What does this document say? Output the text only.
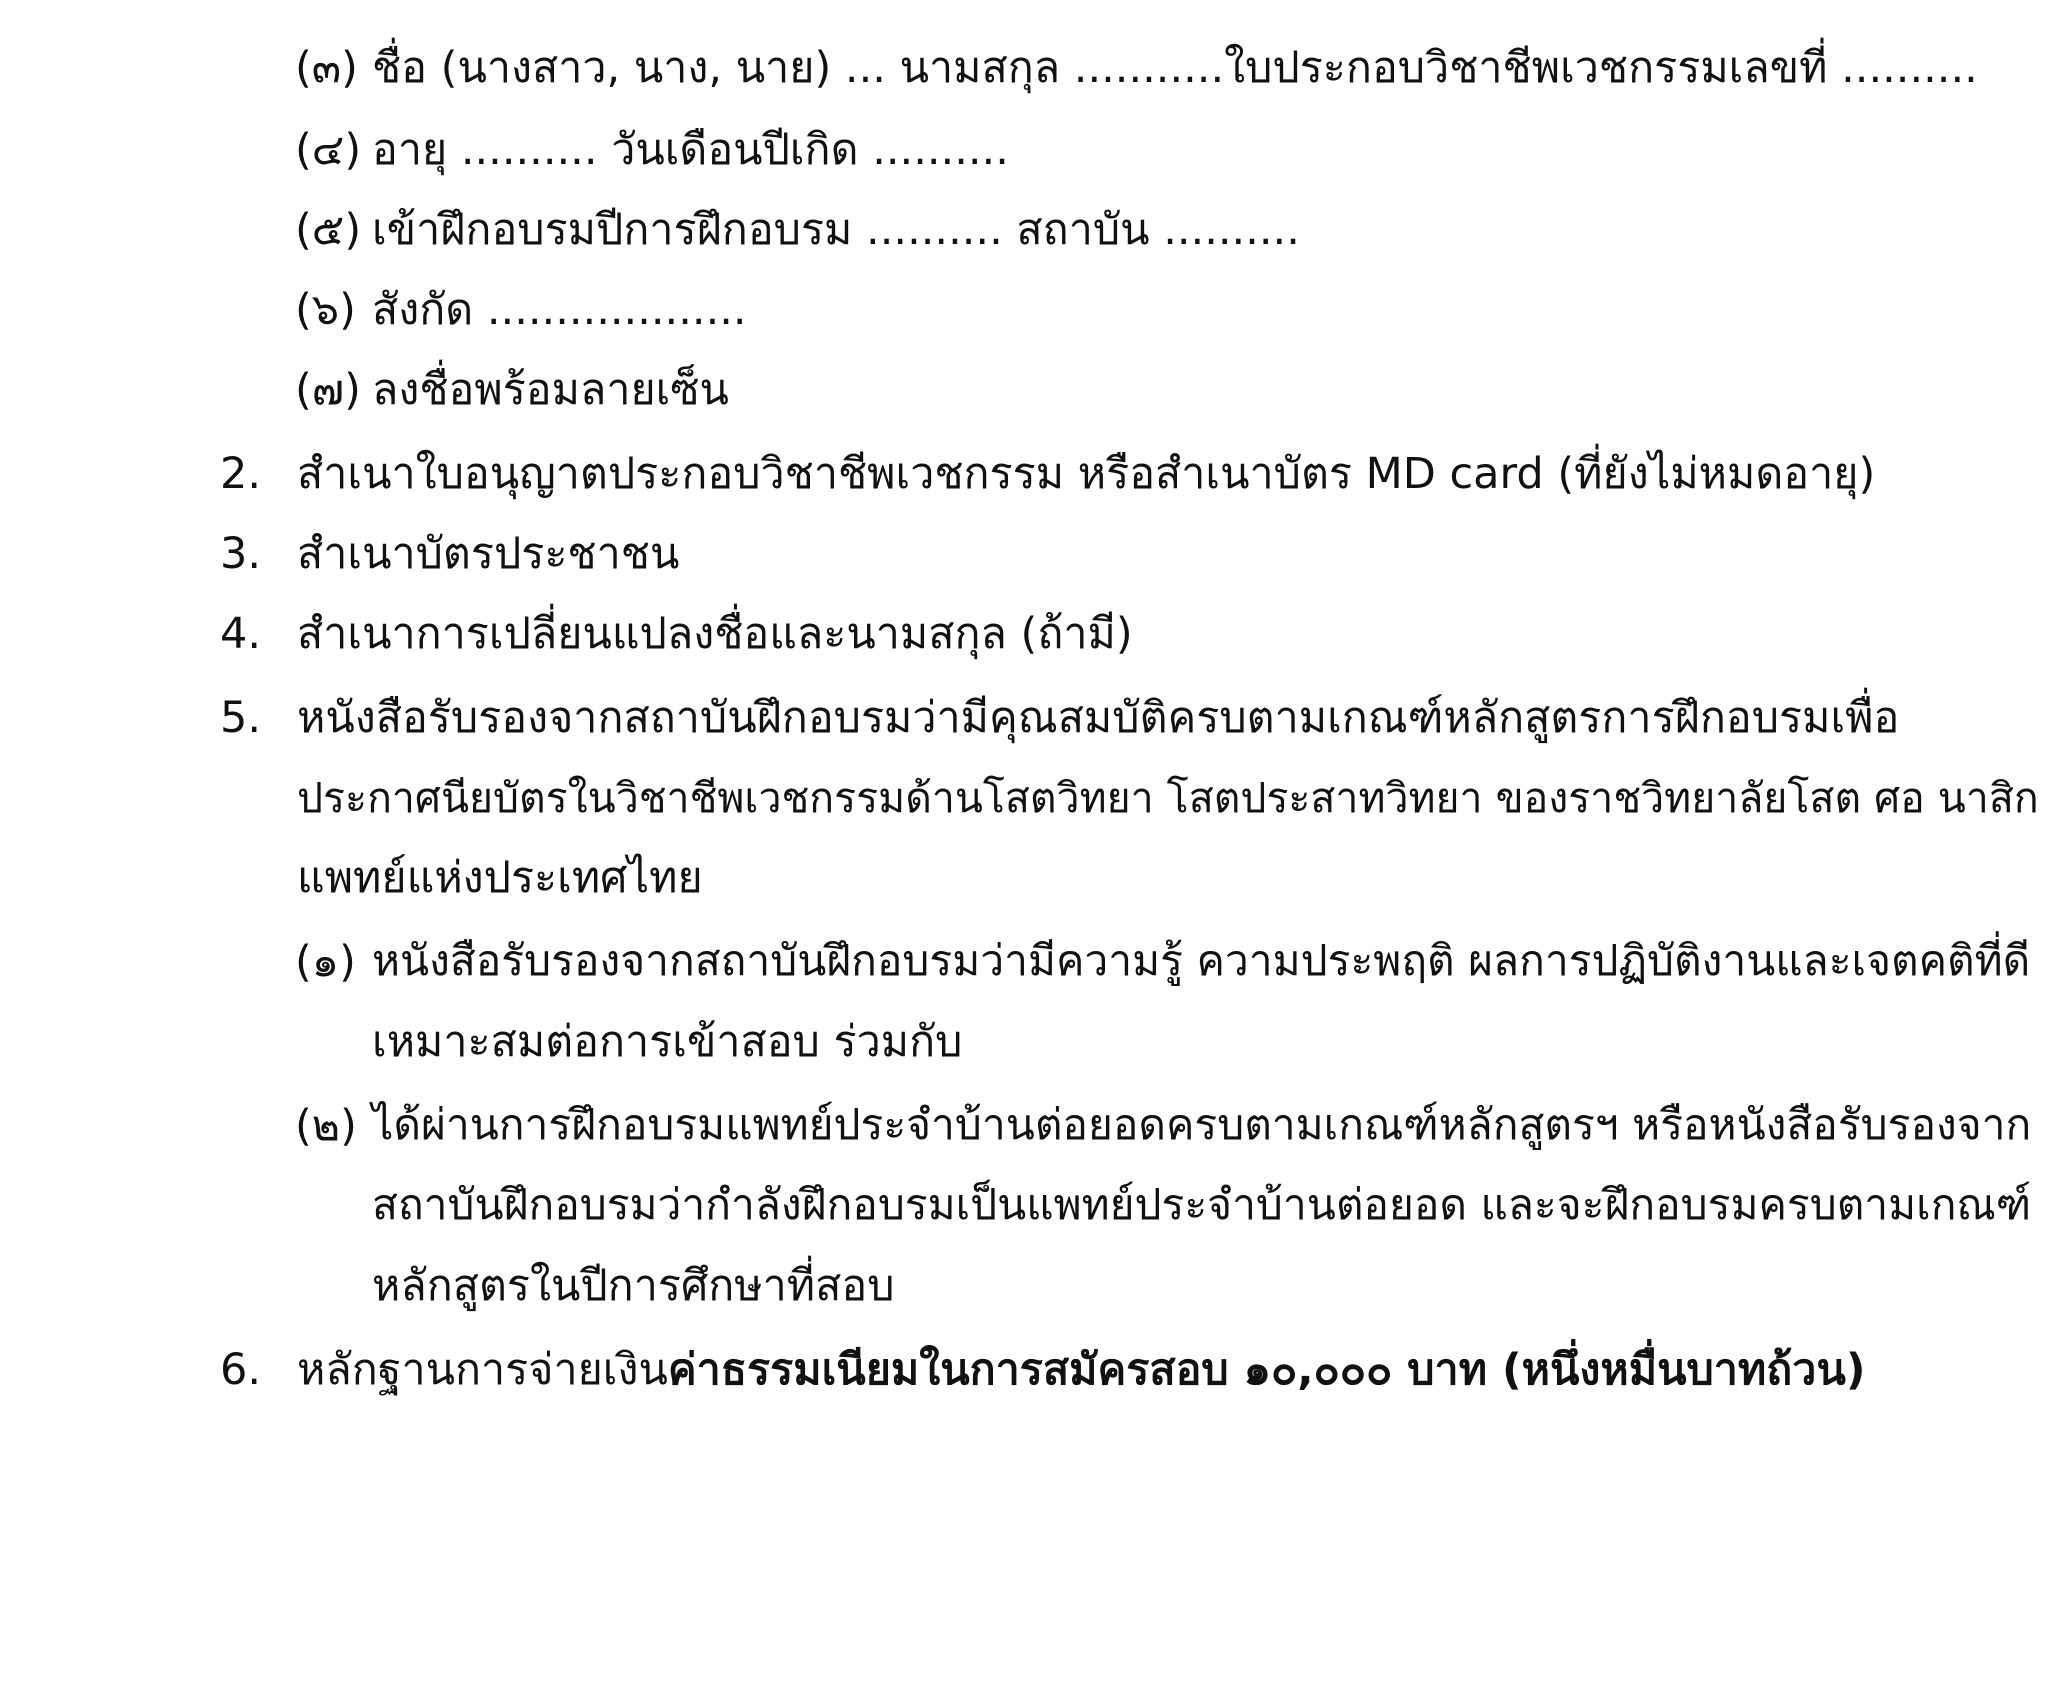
(๓) ชื่อ (นางสาว, นาง, นาย) ... นามสกุล ...........ใบประกอบวิชาชีพเวชกรรมเลขที่ ..........
(๔) อายุ .......... วันเดือนปีเกิด ..........
(๕) เข้าฝึกอบรมปีการฝึกอบรม .......... สถาบัน ..........
(๖) สังกัด ...................
(๗) ลงชื่อพร้อมลายเซ็น
2. สำเนาใบอนุญาตประกอบวิชาชีพเวชกรรม หรือสำเนาบัตร MD card (ที่ยังไม่หมดอายุ)
3. สำเนาบัตรประชาชน
4. สำเนาการเปลี่ยนแปลงชื่อและนามสกุล (ถ้ามี)
5. หนังสือรับรองจากสถาบันฝึกอบรมว่ามีคุณสมบัติครบตามเกณฑ์หลักสูตรการฝึกอบรมเพื่อ
ประกาศนียบัตรในวิชาชีพเวชกรรมด้านโสตวิทยา โสตประสาทวิทยา ของราชวิทยาลัยโสต ศอ นาสิก
แพทย์แห่งประเทศไทย
(๑) หนังสือรับรองจากสถาบันฝึกอบรมว่ามีความรู้ ความประพฤติ ผลการปฏิบัติงานและเจตคติที่ดี
เหมาะสมต่อการเข้าสอบ ร่วมกับ
(๒) ได้ผ่านการฝึกอบรมแพทย์ประจำบ้านต่อยอดครบตามเกณฑ์หลักสูตรฯ หรือหนังสือรับรองจาก
สถาบันฝึกอบรมว่ากำลังฝึกอบรมเป็นแพทย์ประจำบ้านต่อยอด และจะฝึกอบรมครบตามเกณฑ์
หลักสูตรในปีการศึกษาที่สอบ
6. หลักฐานการจ่ายเงินค่าธรรมเนียมในการสมัครสอบ ๑๐,๐๐๐ บาท (หนึ่งหมื่นบาทถ้วน)
